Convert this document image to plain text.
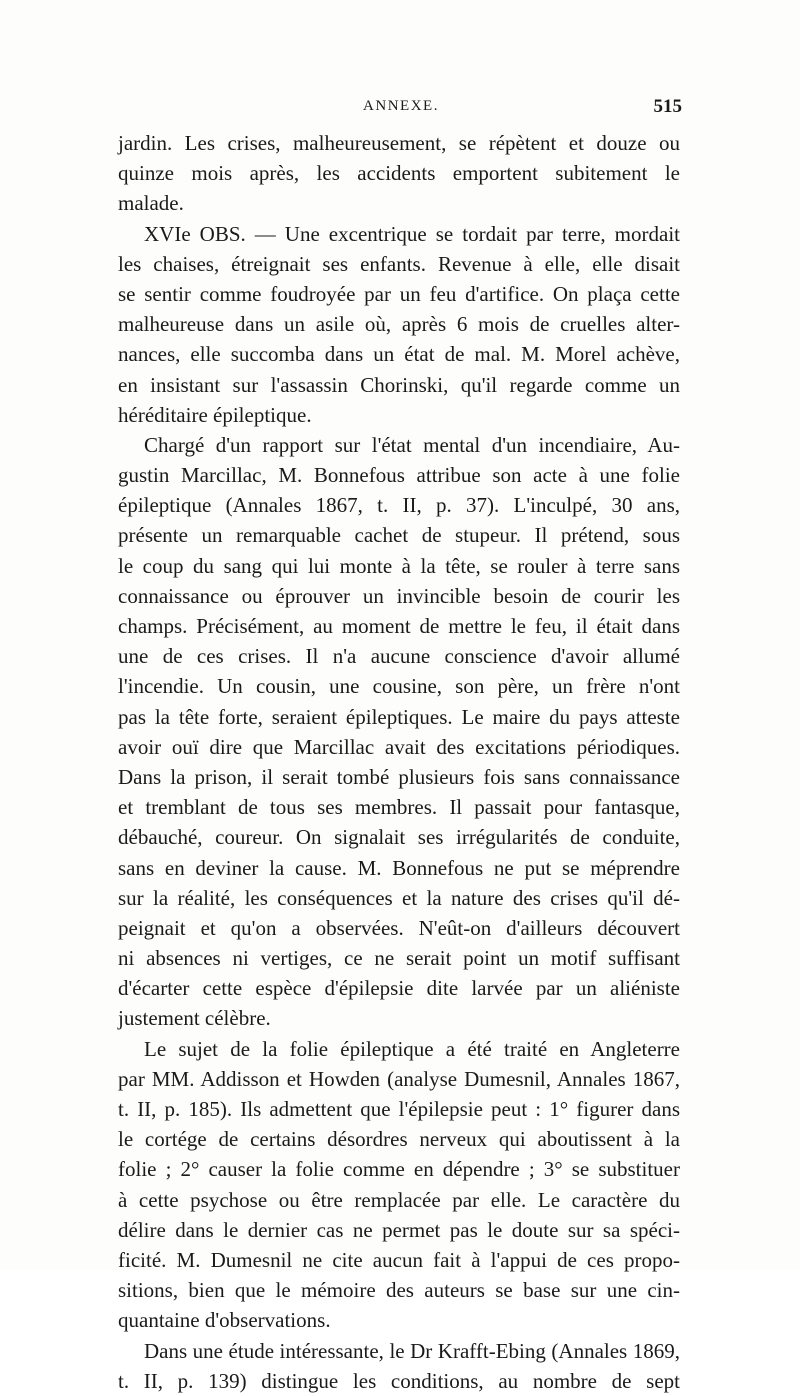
ANNEXE.	515
jardin. Les crises, malheureusement, se répètent et douze ou
quinze mois après, les accidents emportent subitement le
malade.
XVIe OBS. — Une excentrique se tordait par terre, mordait
les chaises, étreignait ses enfants. Revenue à elle, elle disait
se sentir comme foudroyée par un feu d'artifice. On plaça cette
malheureuse dans un asile où, après 6 mois de cruelles alter-
nances, elle succomba dans un état de mal. M. Morel achève,
en insistant sur l'assassin Chorinski, qu'il regarde comme un
héréditaire épileptique.
Chargé d'un rapport sur l'état mental d'un incendiaire, Au-
gustin Marcillac, M. Bonnefous attribue son acte à une folie
épileptique (Annales 1867, t. II, p. 37). L'inculpé, 30 ans,
présente un remarquable cachet de stupeur. Il prétend, sous
le coup du sang qui lui monte à la tête, se rouler à terre sans
connaissance ou éprouver un invincible besoin de courir les
champs. Précisément, au moment de mettre le feu, il était dans
une de ces crises. Il n'a aucune conscience d'avoir allumé
l'incendie. Un cousin, une cousine, son père, un frère n'ont
pas la tête forte, seraient épileptiques. Le maire du pays atteste
avoir ouï dire que Marcillac avait des excitations périodiques.
Dans la prison, il serait tombé plusieurs fois sans connaissance
et tremblant de tous ses membres. Il passait pour fantasque,
débauché, coureur. On signalait ses irrégularités de conduite,
sans en deviner la cause. M. Bonnefous ne put se méprendre
sur la réalité, les conséquences et la nature des crises qu'il dé-
peignait et qu'on a observées. N'eût-on d'ailleurs découvert
ni absences ni vertiges, ce ne serait point un motif suffisant
d'écarter cette espèce d'épilepsie dite larvée par un aliéniste
justement célèbre.
Le sujet de la folie épileptique a été traité en Angleterre
par MM. Addisson et Howden (analyse Dumesnil, Annales 1867,
t. II, p. 185). Ils admettent que l'épilepsie peut : 1° figurer dans
le cortége de certains désordres nerveux qui aboutissent à la
folie ; 2° causer la folie comme en dépendre ; 3° se substituer
à cette psychose ou être remplacée par elle. Le caractère du
délire dans le dernier cas ne permet pas le doute sur sa spéci-
ficité. M. Dumesnil ne cite aucun fait à l'appui de ces propo-
sitions, bien que le mémoire des auteurs se base sur une cin-
quantaine d'observations.
Dans une étude intéressante, le Dr Krafft-Ebing (Annales 1869,
t. II, p. 139) distingue les conditions, au nombre de sept
